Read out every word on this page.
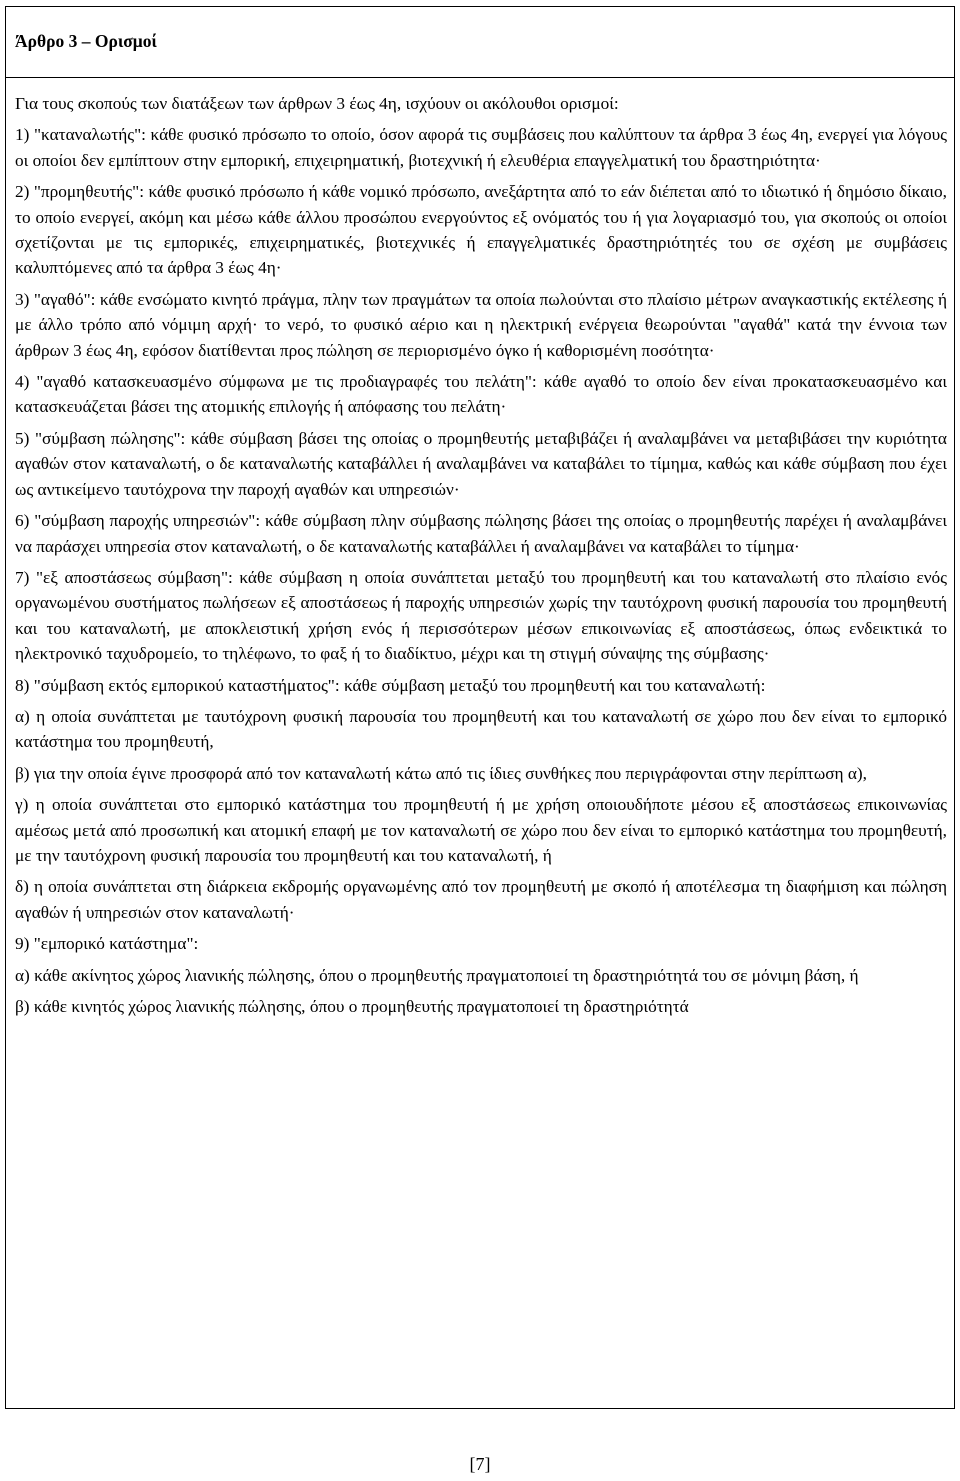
Άρθρο 3 – Ορισμοί

Για τους σκοπούς των διατάξεων των άρθρων 3 έως 4η, ισχύουν οι ακόλουθοι ορισμοί:

1) "καταναλωτής": κάθε φυσικό πρόσωπο το οποίο, όσον αφορά τις συμβάσεις που καλύπτουν τα άρθρα 3 έως 4η, ενεργεί για λόγους οι οποίοι δεν εμπίπτουν στην εμπορική, επιχειρηματική, βιοτεχνική ή ελευθέρια επαγγελματική του δραστηριότητα·

2) "προμηθευτής": κάθε φυσικό πρόσωπο ή κάθε νομικό πρόσωπο, ανεξάρτητα από το εάν διέπεται από το ιδιωτικό ή δημόσιο δίκαιο, το οποίο ενεργεί, ακόμη και μέσω κάθε άλλου προσώπου ενεργούντος εξ ονόματός του ή για λογαριασμό του, για σκοπούς οι οποίοι σχετίζονται με τις εμπορικές, επιχειρηματικές, βιοτεχνικές ή επαγγελματικές δραστηριότητές του σε σχέση με συμβάσεις καλυπτόμενες από τα άρθρα 3 έως 4η·

3) "αγαθό": κάθε ενσώματο κινητό πράγμα, πλην των πραγμάτων τα οποία πωλούνται στο πλαίσιο μέτρων αναγκαστικής εκτέλεσης ή με άλλο τρόπο από νόμιμη αρχή· το νερό, το φυσικό αέριο και η ηλεκτρική ενέργεια θεωρούνται "αγαθά" κατά την έννοια των άρθρων 3 έως 4η, εφόσον διατίθενται προς πώληση σε περιορισμένο όγκο ή καθορισμένη ποσότητα·

4) "αγαθό κατασκευασμένο σύμφωνα με τις προδιαγραφές του πελάτη": κάθε αγαθό το οποίο δεν είναι προκατασκευασμένο και κατασκευάζεται βάσει της ατομικής επιλογής ή απόφασης του πελάτη·

5) "σύμβαση πώλησης": κάθε σύμβαση βάσει της οποίας ο προμηθευτής μεταβιβάζει ή αναλαμβάνει να μεταβιβάσει την κυριότητα αγαθών στον καταναλωτή, ο δε καταναλωτής καταβάλλει ή αναλαμβάνει να καταβάλει το τίμημα, καθώς και κάθε σύμβαση που έχει ως αντικείμενο ταυτόχρονα την παροχή αγαθών και υπηρεσιών·

6) "σύμβαση παροχής υπηρεσιών": κάθε σύμβαση πλην σύμβασης πώλησης βάσει της οποίας ο προμηθευτής παρέχει ή αναλαμβάνει να παράσχει υπηρεσία στον καταναλωτή, ο δε καταναλωτής καταβάλλει ή αναλαμβάνει να καταβάλει το τίμημα·

7) "εξ αποστάσεως σύμβαση": κάθε σύμβαση η οποία συνάπτεται μεταξύ του προμηθευτή και του καταναλωτή στο πλαίσιο ενός οργανωμένου συστήματος πωλήσεων εξ αποστάσεως ή παροχής υπηρεσιών χωρίς την ταυτόχρονη φυσική παρουσία του προμηθευτή και του καταναλωτή, με αποκλειστική χρήση ενός ή περισσότερων μέσων επικοινωνίας εξ αποστάσεως, όπως ενδεικτικά το ηλεκτρονικό ταχυδρομείο, το τηλέφωνο, το φαξ ή το διαδίκτυο, μέχρι και τη στιγμή σύναψης της σύμβασης·

8) "σύμβαση εκτός εμπορικού καταστήματος": κάθε σύμβαση μεταξύ του προμηθευτή και του καταναλωτή:

α) η οποία συνάπτεται με ταυτόχρονη φυσική παρουσία του προμηθευτή και του καταναλωτή σε χώρο που δεν είναι το εμπορικό κατάστημα του προμηθευτή,

β) για την οποία έγινε προσφορά από τον καταναλωτή κάτω από τις ίδιες συνθήκες που περιγράφονται στην περίπτωση α),

γ) η οποία συνάπτεται στο εμπορικό κατάστημα του προμηθευτή ή με χρήση οποιουδήποτε μέσου εξ αποστάσεως επικοινωνίας αμέσως μετά από προσωπική και ατομική επαφή με τον καταναλωτή σε χώρο που δεν είναι το εμπορικό κατάστημα του προμηθευτή, με την ταυτόχρονη φυσική παρουσία του προμηθευτή και του καταναλωτή, ή

δ) η οποία συνάπτεται στη διάρκεια εκδρομής οργανωμένης από τον προμηθευτή με σκοπό ή αποτέλεσμα τη διαφήμιση και πώληση αγαθών ή υπηρεσιών στον καταναλωτή·

9) "εμπορικό κατάστημα":

α) κάθε ακίνητος χώρος λιανικής πώλησης, όπου ο προμηθευτής πραγματοποιεί τη δραστηριότητά του σε μόνιμη βάση, ή

β) κάθε κινητός χώρος λιανικής πώλησης, όπου ο προμηθευτής πραγματοποιεί τη δραστηριότητά

[7]
